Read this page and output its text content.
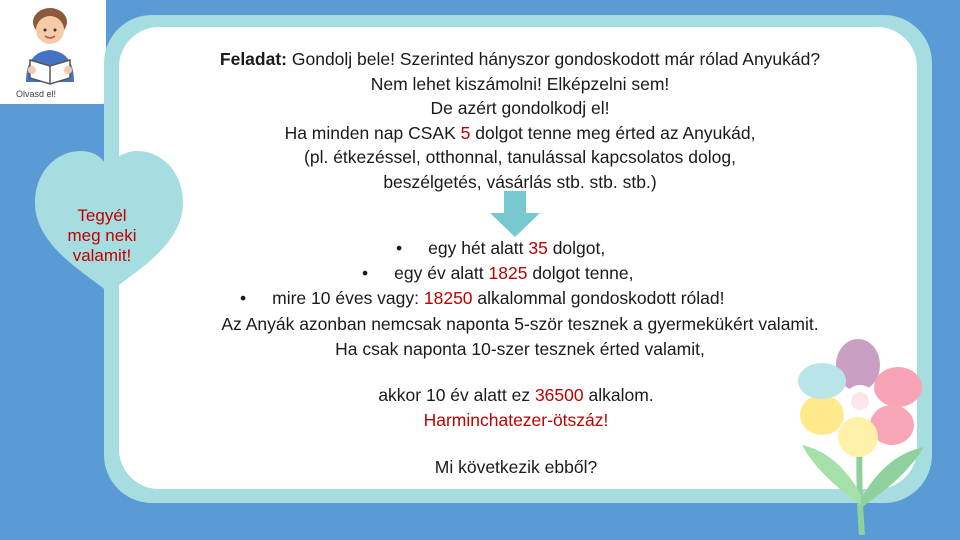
Olvasd el!
Tegyél
meg neki
valamit!
Feladat: Gondolj bele! Szerinted hányszor gondoskodott már rólad Anyukád?
Nem lehet kiszámolni! Elképzelni sem!
De azért gondolkodj el!
Ha minden nap CSAK 5 dolgot tenne meg érted az Anyukád,
(pl. étkezéssel, otthonnal, tanulással kapcsolatos dolog,
beszélgetés, vásárlás stb. stb. stb.)
• egy hét alatt 35 dolgot,
• egy év alatt 1825 dolgot tenne,
• mire 10 éves vagy: 18250 alkalommal gondoskodott rólad!
Az Anyák azonban nemcsak naponta 5-ször tesznek a gyermekükért valamit.
Ha csak naponta 10-szer tesznek érted valamit,
akkor 10 év alatt ez 36500 alkalom.
Harminchatezer-ötszáz!
Mi következik ebből?
